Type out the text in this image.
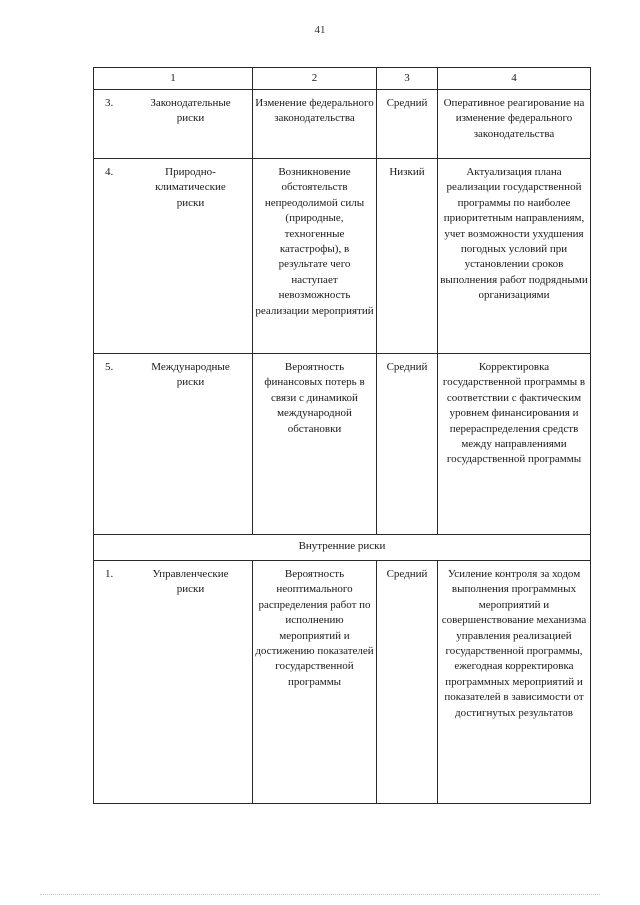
41
1	2	3	4

3. Законодательные риски	Изменение федерального законодательства	Средний	Оперативное реагирование на изменение федерального законодательства

4. Природно-климатические риски	Возникновение обстоятельств непреодолимой силы (природные, техногенные катастрофы), в результате чего наступает невозможность реализации мероприятий	Низкий	Актуализация плана реализации государственной программы по наиболее приоритетным направлениям, учет возможности ухудшения погодных условий при установлении сроков выполнения работ подрядными организациями

5. Международные риски	Вероятность финансовых потерь в связи с динамикой международной обстановки	Средний	Корректировка государственной программы в соответствии с фактическим уровнем финансирования и перераспределения средств между направлениями государственной программы
Внутренние риски			

1. Управленческие риски	Вероятность неоптимального распределения работ по исполнению мероприятий и достижению показателей государственной программы	Средний	Усиление контроля за ходом выполнения программных мероприятий и совершенствование механизма управления реализацией государственной программы, ежегодная корректировка программных мероприятий и показателей в зависимости от достигнутых результатов
